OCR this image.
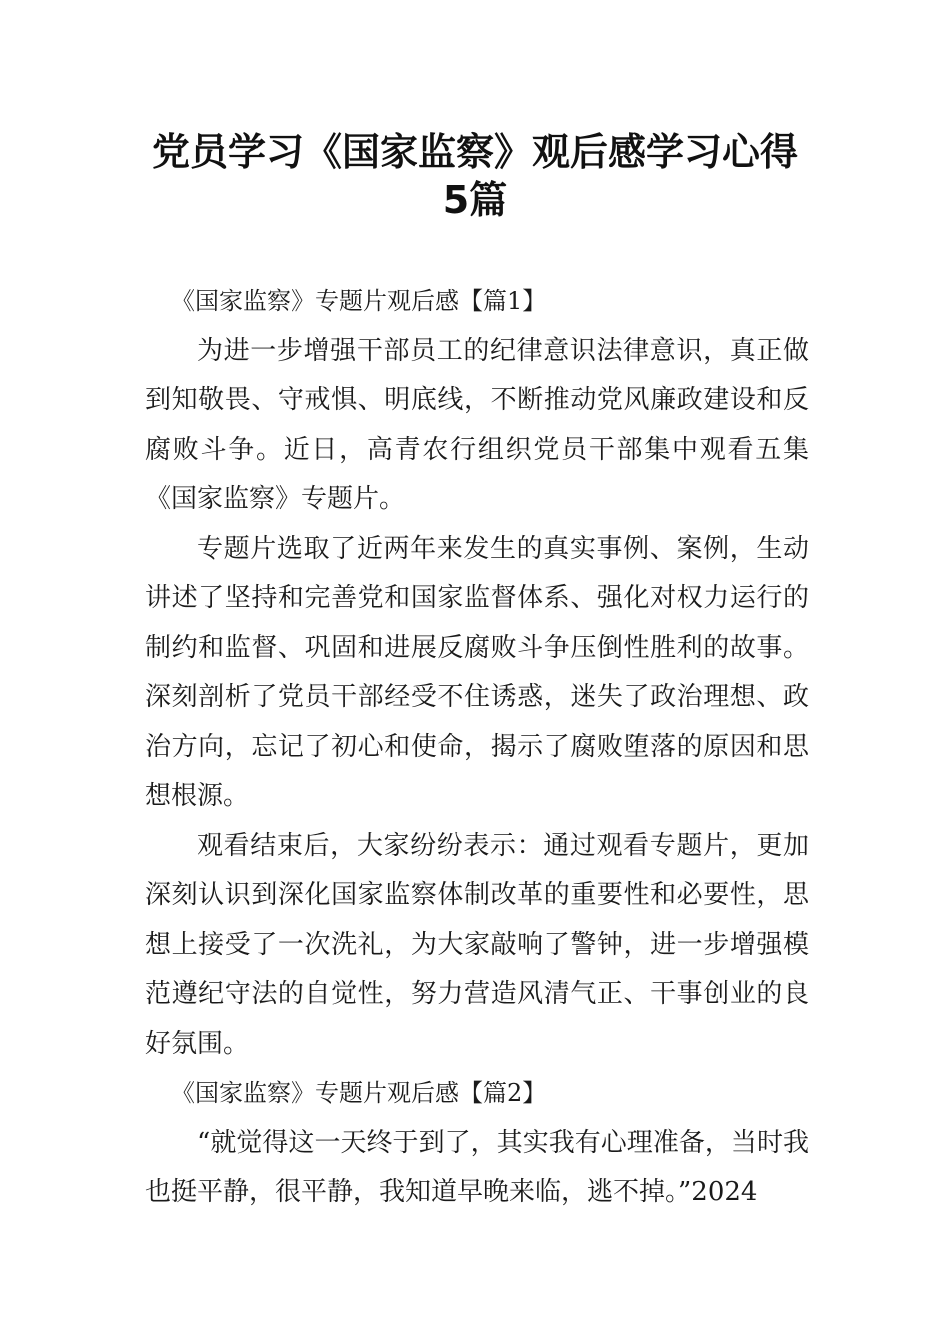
党员学习《国家监察》观后感学习心得
5篇

《国家监察》专题片观后感【篇1】

为进一步增强干部员工的纪律意识法律意识，真正做到知敬畏、守戒惧、明底线，不断推动党风廉政建设和反腐败斗争。近日，高青农行组织党员干部集中观看五集《国家监察》专题片。

专题片选取了近两年来发生的真实事例、案例，生动讲述了坚持和完善党和国家监督体系、强化对权力运行的制约和监督、巩固和进展反腐败斗争压倒性胜利的故事。深刻剖析了党员干部经受不住诱惑，迷失了政治理想、政治方向，忘记了初心和使命，揭示了腐败堕落的原因和思想根源。

观看结束后，大家纷纷表示：通过观看专题片，更加深刻认识到深化国家监察体制改革的重要性和必要性，思想上接受了一次洗礼，为大家敲响了警钟，进一步增强模范遵纪守法的自觉性，努力营造风清气正、干事创业的良好氛围。

《国家监察》专题片观后感【篇2】

“就觉得这一天终于到了，其实我有心理准备，当时我也挺平静，很平静，我知道早晚来临，逃不掉。”2024
